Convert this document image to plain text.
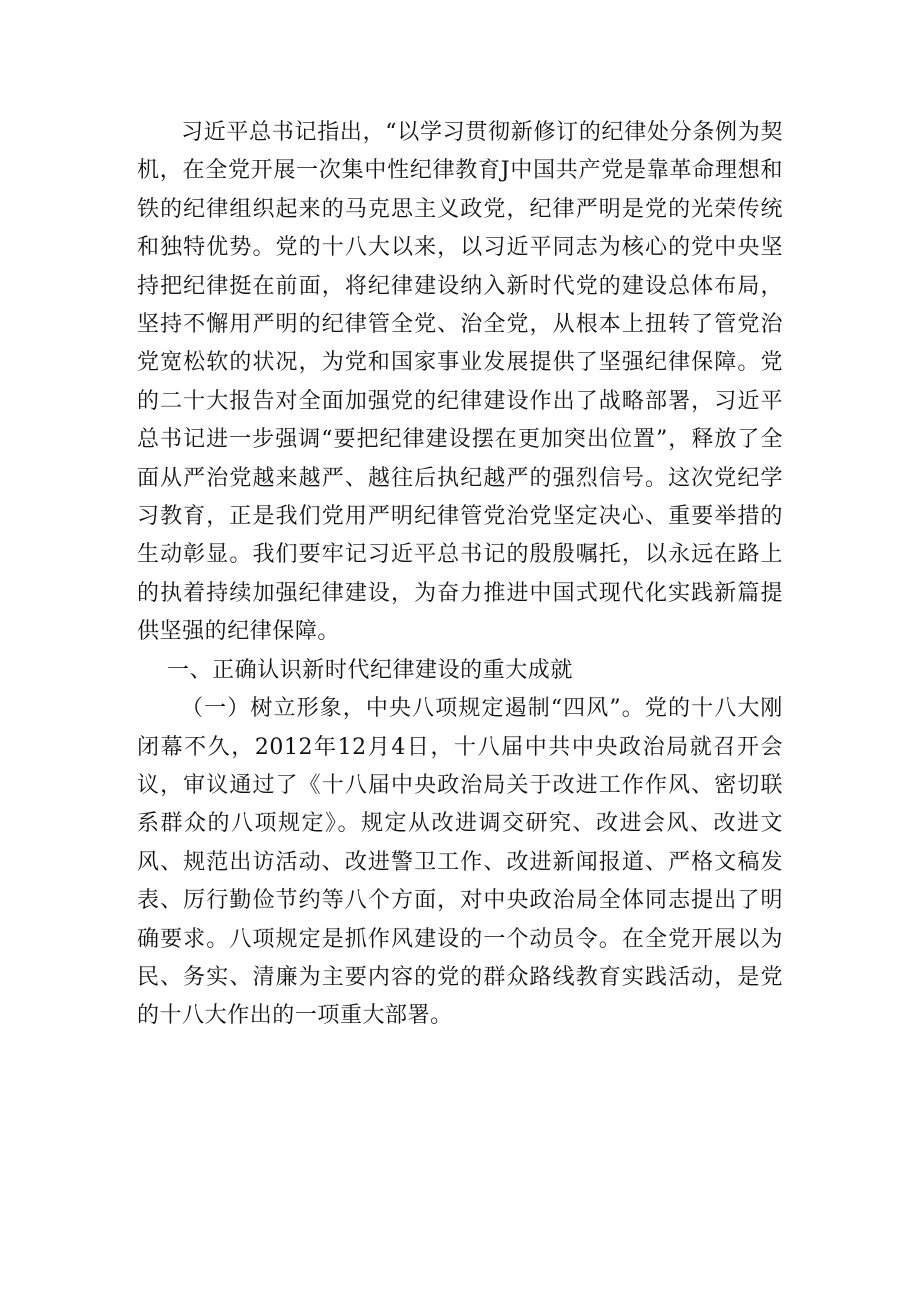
习近平总书记指出，“以学习贯彻新修订的纪律处分条例为契机，在全党开展一次集中性纪律教育J中国共产党是靠革命理想和铁的纪律组织起来的马克思主义政党，纪律严明是党的光荣传统和独特优势。党的十八大以来，以习近平同志为核心的党中央坚持把纪律挺在前面，将纪律建设纳入新时代党的建设总体布局，坚持不懈用严明的纪律管全党、治全党，从根本上扭转了管党治党宽松软的状况，为党和国家事业发展提供了坚强纪律保障。党的二十大报告对全面加强党的纪律建设作出了战略部署，习近平总书记进一步强调“要把纪律建设摆在更加突出位置”，释放了全面从严治党越来越严、越往后执纪越严的强烈信号。这次党纪学习教育，正是我们党用严明纪律管党治党坚定决心、重要举措的生动彰显。我们要牢记习近平总书记的殷殷嘱托，以永远在路上的执着持续加强纪律建设，为奋力推进中国式现代化实践新篇提供坚强的纪律保障。

一、正确认识新时代纪律建设的重大成就

（一）树立形象，中央八项规定遏制“四风”。党的十八大刚闭幕不久，2012年12月4日，十八届中共中央政治局就召开会议，审议通过了《十八届中央政治局关于改进工作作风、密切联系群众的八项规定》。规定从改进调交研究、改进会风、改进文风、规范出访活动、改进警卫工作、改进新闻报道、严格文稿发表、厉行勤俭节约等八个方面，对中央政治局全体同志提出了明确要求。八项规定是抓作风建设的一个动员令。在全党开展以为民、务实、清廉为主要内容的党的群众路线教育实践活动，是党的十八大作出的一项重大部署。
